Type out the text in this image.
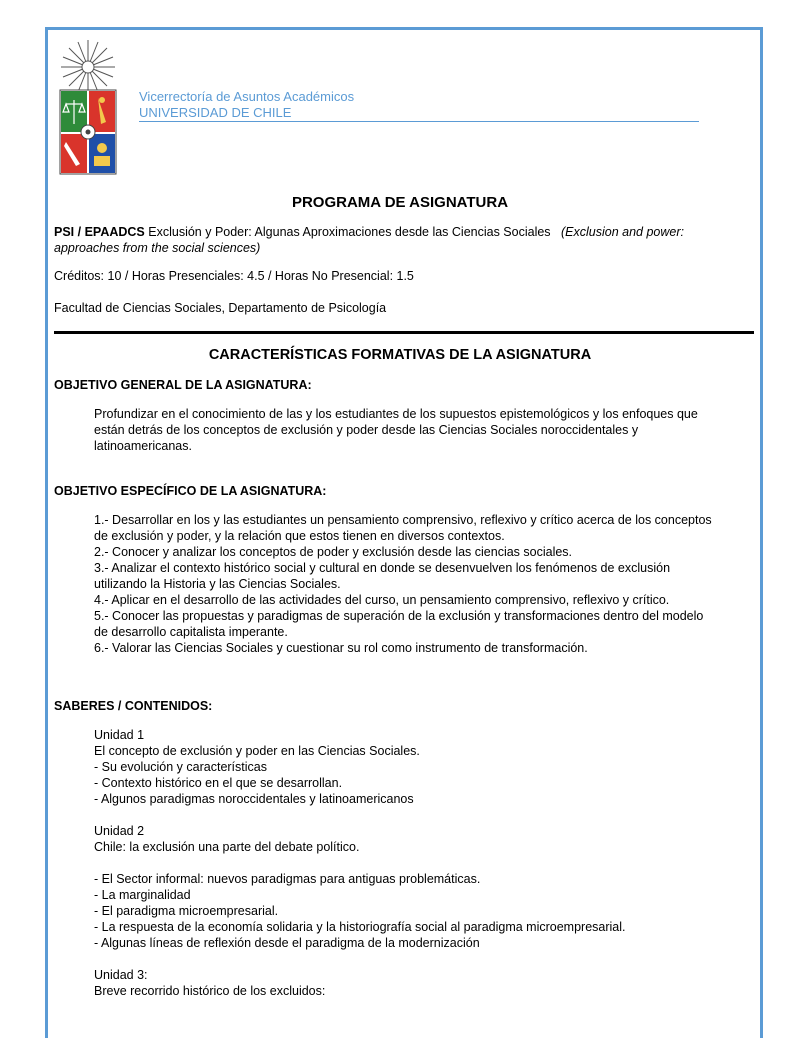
Vicerrectoría de Asuntos Académicos
UNIVERSIDAD DE CHILE
PROGRAMA DE ASIGNATURA
PSI / EPAADCS Exclusión y Poder: Algunas Aproximaciones desde las Ciencias Sociales (Exclusion and power: approaches from the social sciences)
Créditos: 10 / Horas Presenciales: 4.5 / Horas No Presencial: 1.5
Facultad de Ciencias Sociales, Departamento de Psicología
CARACTERÍSTICAS FORMATIVAS DE LA ASIGNATURA
OBJETIVO GENERAL DE LA ASIGNATURA:
Profundizar en el conocimiento de las y los estudiantes de los supuestos epistemológicos y los enfoques que están detrás de los conceptos de exclusión y poder desde las Ciencias Sociales noroccidentales y latinoamericanas.
OBJETIVO ESPECÍFICO DE LA ASIGNATURA:
1.- Desarrollar en los y las estudiantes un pensamiento comprensivo, reflexivo y crítico acerca de los conceptos de exclusión y poder, y la relación que estos tienen en diversos contextos.
2.- Conocer y analizar los conceptos de poder y exclusión desde las ciencias sociales.
3.- Analizar el contexto histórico social y cultural en donde se desenvuelven los fenómenos de exclusión utilizando la Historia y las Ciencias Sociales.
4.- Aplicar en el desarrollo de las actividades del curso, un pensamiento comprensivo, reflexivo y crítico.
5.- Conocer las propuestas y paradigmas de superación de la exclusión y transformaciones dentro del modelo de desarrollo capitalista imperante.
6.- Valorar las Ciencias Sociales y cuestionar su rol como instrumento de transformación.
SABERES / CONTENIDOS:
Unidad 1
El concepto de exclusión y poder en las Ciencias Sociales.
- Su evolución y características
- Contexto histórico en el que se desarrollan.
- Algunos paradigmas noroccidentales y latinoamericanos
Unidad 2
Chile: la exclusión una parte del debate político.
- El Sector informal: nuevos paradigmas para antiguas problemáticas.
- La marginalidad
- El paradigma microempresarial.
- La respuesta de la economía solidaria y la historiografía social al paradigma microempresarial.
- Algunas líneas de reflexión desde el paradigma de la modernización
Unidad 3:
Breve recorrido histórico de los excluidos:
